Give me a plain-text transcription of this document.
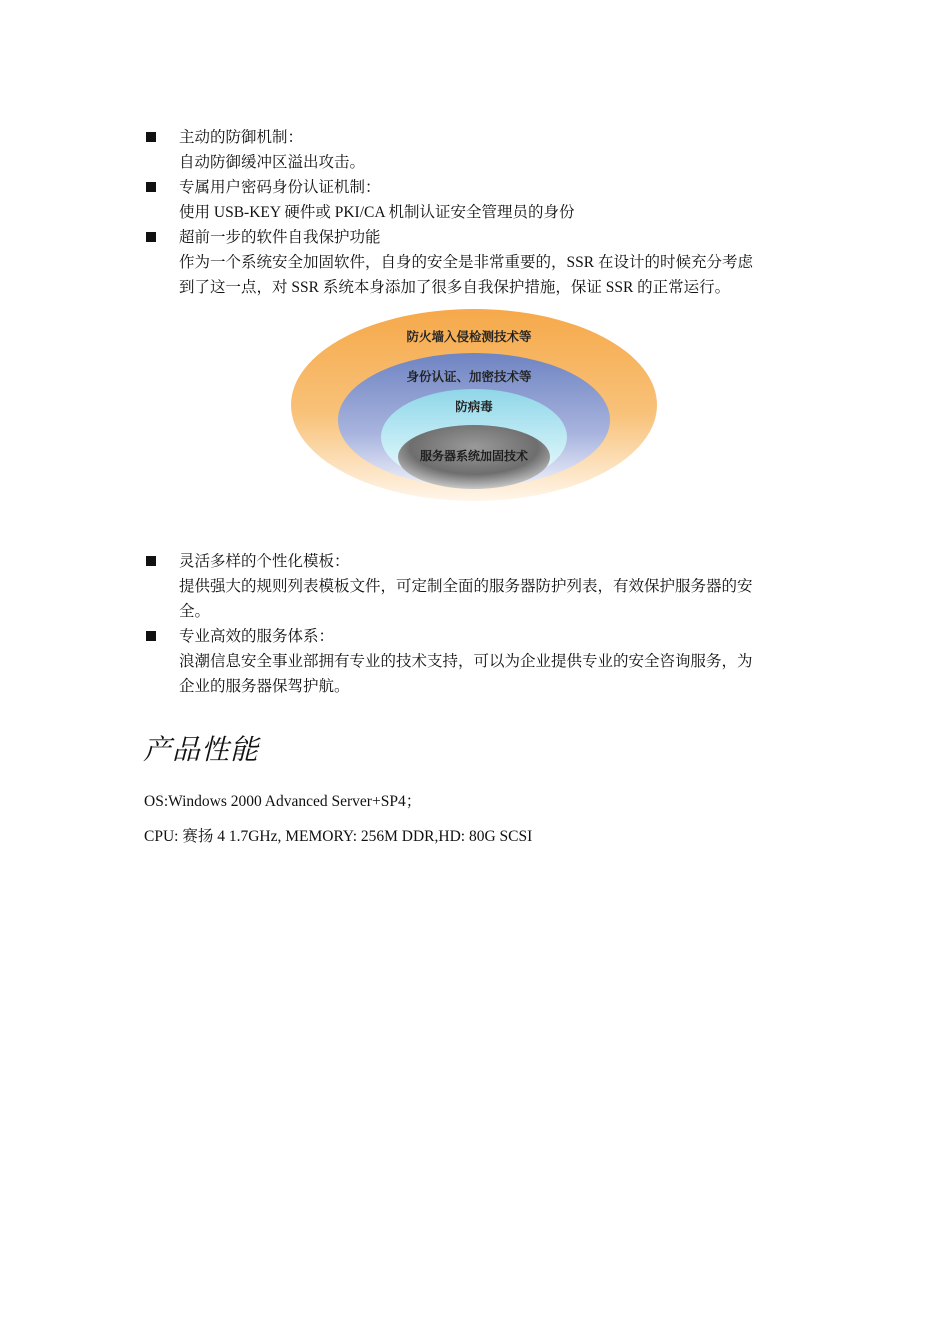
主动的防御机制：
自动防御缓冲区溢出攻击。
专属用户密码身份认证机制：
使用 USB-KEY 硬件或 PKI/CA 机制认证安全管理员的身份
超前一步的软件自我保护功能
作为一个系统安全加固软件，自身的安全是非常重要的，SSR 在设计的时候充分考虑
到了这一点，对 SSR 系统本身添加了很多自我保护措施，保证 SSR 的正常运行。
防火墙入侵检测技术等
身份认证、加密技术等
防病毒
服务器系统加固技术
灵活多样的个性化模板：
提供强大的规则列表模板文件，可定制全面的服务器防护列表，有效保护服务器的安
全。
专业高效的服务体系：
浪潮信息安全事业部拥有专业的技术支持，可以为企业提供专业的安全咨询服务，为
企业的服务器保驾护航。
产品性能
OS:Windows 2000 Advanced Server+SP4；
CPU: 赛扬 4 1.7GHz, MEMORY: 256M DDR,HD: 80G SCSI
